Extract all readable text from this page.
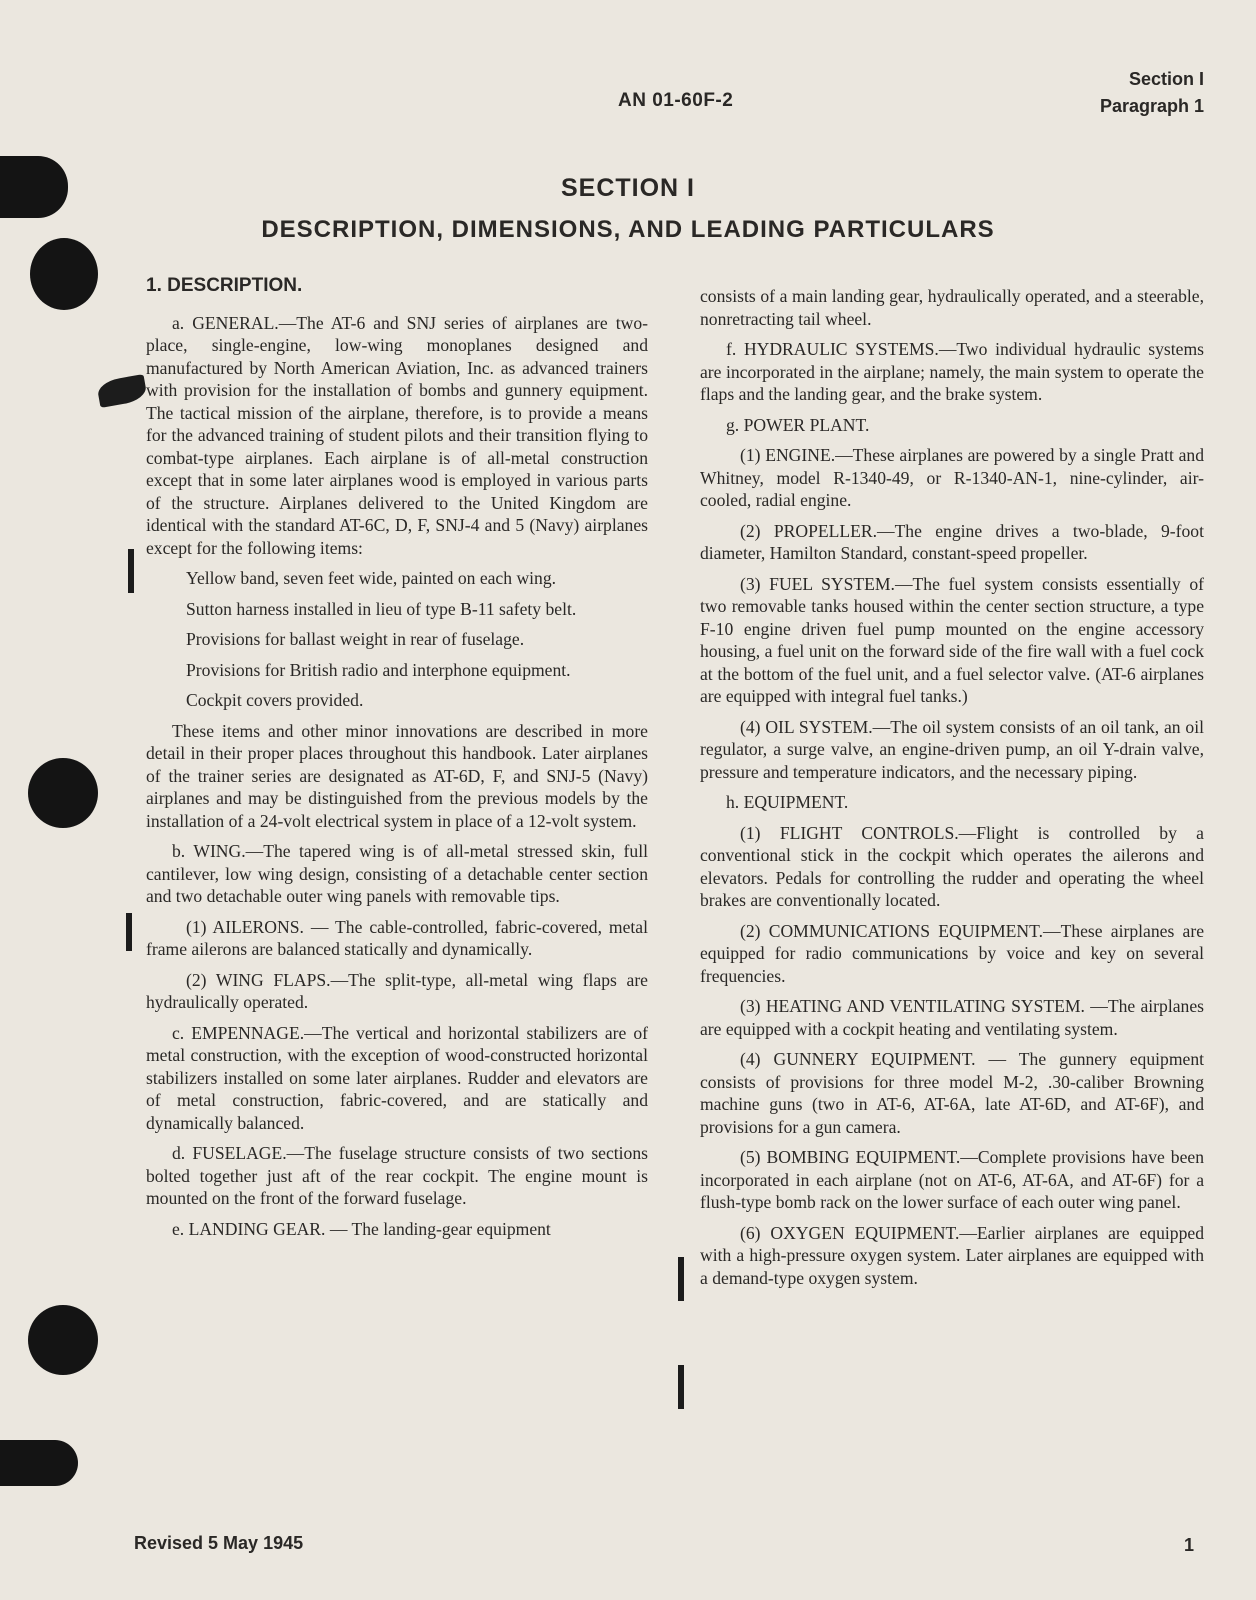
AN 01-60F-2
Section I
Paragraph 1
SECTION I
DESCRIPTION, DIMENSIONS, AND LEADING PARTICULARS

1. DESCRIPTION.

a. GENERAL.—The AT-6 and SNJ series of airplanes are two-place, single-engine, low-wing monoplanes designed and manufactured by North American Aviation, Inc. as advanced trainers with provision for the installation of bombs and gunnery equipment. The tactical mission of the airplane, therefore, is to provide a means for the advanced training of student pilots and their transition flying to combat-type airplanes. Each airplane is of all-metal construction except that in some later airplanes wood is employed in various parts of the structure. Airplanes delivered to the United Kingdom are identical with the standard AT-6C, D, F, SNJ-4 and 5 (Navy) airplanes except for the following items:

Yellow band, seven feet wide, painted on each wing.

Sutton harness installed in lieu of type B-11 safety belt.

Provisions for ballast weight in rear of fuselage.

Provisions for British radio and interphone equipment.

Cockpit covers provided.

These items and other minor innovations are described in more detail in their proper places throughout this handbook. Later airplanes of the trainer series are designated as AT-6D, F, and SNJ-5 (Navy) airplanes and may be distinguished from the previous models by the installation of a 24-volt electrical system in place of a 12-volt system.

b. WING.—The tapered wing is of all-metal stressed skin, full cantilever, low wing design, consisting of a detachable center section and two detachable outer wing panels with removable tips.

(1) AILERONS. — The cable-controlled, fabric-covered, metal frame ailerons are balanced statically and dynamically.

(2) WING FLAPS.—The split-type, all-metal wing flaps are hydraulically operated.

c. EMPENNAGE.—The vertical and horizontal stabilizers are of metal construction, with the exception of wood-constructed horizontal stabilizers installed on some later airplanes. Rudder and elevators are of metal construction, fabric-covered, and are statically and dynamically balanced.

d. FUSELAGE.—The fuselage structure consists of two sections bolted together just aft of the rear cockpit. The engine mount is mounted on the front of the forward fuselage.

e. LANDING GEAR. — The landing-gear equipment

consists of a main landing gear, hydraulically operated, and a steerable, nonretracting tail wheel.

f. HYDRAULIC SYSTEMS.—Two individual hydraulic systems are incorporated in the airplane; namely, the main system to operate the flaps and the landing gear, and the brake system.

g. POWER PLANT.

(1) ENGINE.—These airplanes are powered by a single Pratt and Whitney, model R-1340-49, or R-1340-AN-1, nine-cylinder, air-cooled, radial engine.

(2) PROPELLER.—The engine drives a two-blade, 9-foot diameter, Hamilton Standard, constant-speed propeller.

(3) FUEL SYSTEM.—The fuel system consists essentially of two removable tanks housed within the center section structure, a type F-10 engine driven fuel pump mounted on the engine accessory housing, a fuel unit on the forward side of the fire wall with a fuel cock at the bottom of the fuel unit, and a fuel selector valve. (AT-6 airplanes are equipped with integral fuel tanks.)

(4) OIL SYSTEM.—The oil system consists of an oil tank, an oil regulator, a surge valve, an engine-driven pump, an oil Y-drain valve, pressure and temperature indicators, and the necessary piping.

h. EQUIPMENT.

(1) FLIGHT CONTROLS.—Flight is controlled by a conventional stick in the cockpit which operates the ailerons and elevators. Pedals for controlling the rudder and operating the wheel brakes are conventionally located.

(2) COMMUNICATIONS EQUIPMENT.—These airplanes are equipped for radio communications by voice and key on several frequencies.

(3) HEATING AND VENTILATING SYSTEM. —The airplanes are equipped with a cockpit heating and ventilating system.

(4) GUNNERY EQUIPMENT. — The gunnery equipment consists of provisions for three model M-2, .30-caliber Browning machine guns (two in AT-6, AT-6A, late AT-6D, and AT-6F), and provisions for a gun camera.

(5) BOMBING EQUIPMENT.—Complete provisions have been incorporated in each airplane (not on AT-6, AT-6A, and AT-6F) for a flush-type bomb rack on the lower surface of each outer wing panel.

(6) OXYGEN EQUIPMENT.—Earlier airplanes are equipped with a high-pressure oxygen system. Later airplanes are equipped with a demand-type oxygen system.

Revised 5 May 1945	1
